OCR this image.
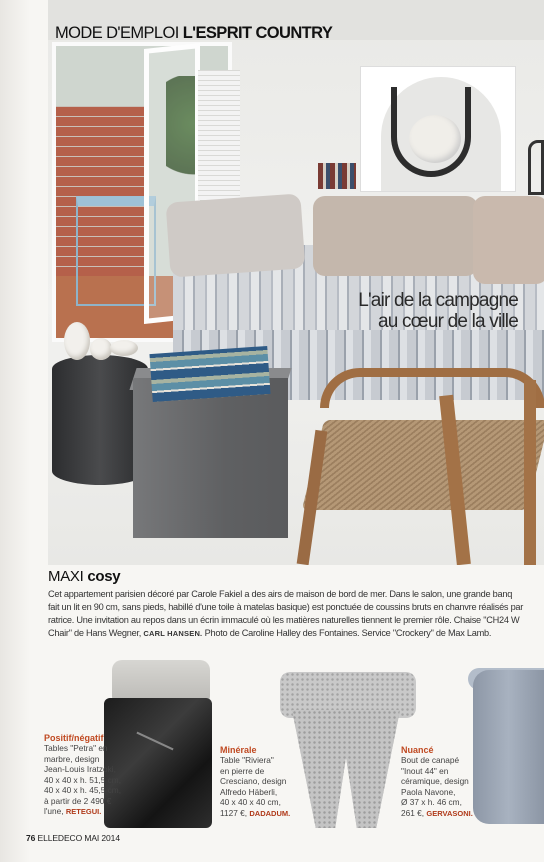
L'air de la campagne
au cœur de la ville
MODE D'EMPLOI L'ESPRIT COUNTRY
MAXI cosy
Cet appartement parisien décoré par Carole Fakiel a des airs de maison de bord de mer. Dans le salon, une grande banq
fait un lit en 90 cm, sans pieds, habillé d'une toile à matelas basique) est ponctuée de coussins bruts en chanvre réalisés par
ratrice. Une invitation au repos dans un écrin immaculé où les matières naturelles tiennent le premier rôle. Chaise "CH24 W
Chair" de Hans Wegner, CARL HANSEN. Photo de Caroline Halley des Fontaines. Service "Crockery" de Max Lamb.
Positif/négatif
Tables "Petra" en
marbre, design
Jean-Louis Iratzoki,
40 x 40 x h. 51,5 cm,
40 x 40 x h. 45,5 cm,
à partir de 2 490 €
l'une, RETEGUI.
Minérale
Table "Riviera"
en pierre de
Cresciano, design
Alfredo Häberli,
40 x 40 x 40 cm,
1127 €, DADADUM.
Nuancé
Bout de canapé
"Inout 44" en
céramique, design
Paola Navone,
Ø 37 x h. 46 cm,
261 €, GERVASONI.
76 ELLEDECO MAI 2014
